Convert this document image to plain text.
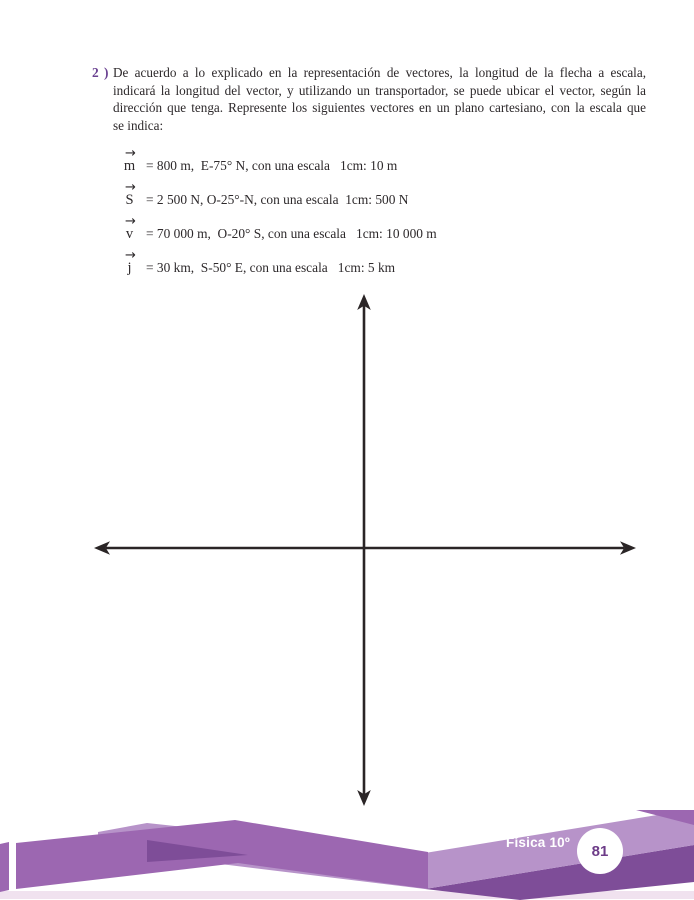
2 ) De acuerdo a lo explicado en la representación de vectores, la longitud de la flecha a escala,
indicará la longitud del vector, y utilizando un transportador, se puede ubicar el vector, según la
dirección que tenga. Represente los siguientes vectores en un plano cartesiano, con la escala que
se indica:
→
m = 800 m,  E-75° N, con una escala   1cm: 10 m
→
S = 2 500 N, O-25°-N, con una escala  1cm: 500 N
→
v = 70 000 m,  O-20° S, con una escala   1cm: 10 000 m
→
j	= 30 km,  S-50° E, con una escala   1cm: 5 km
Física 10º 81
